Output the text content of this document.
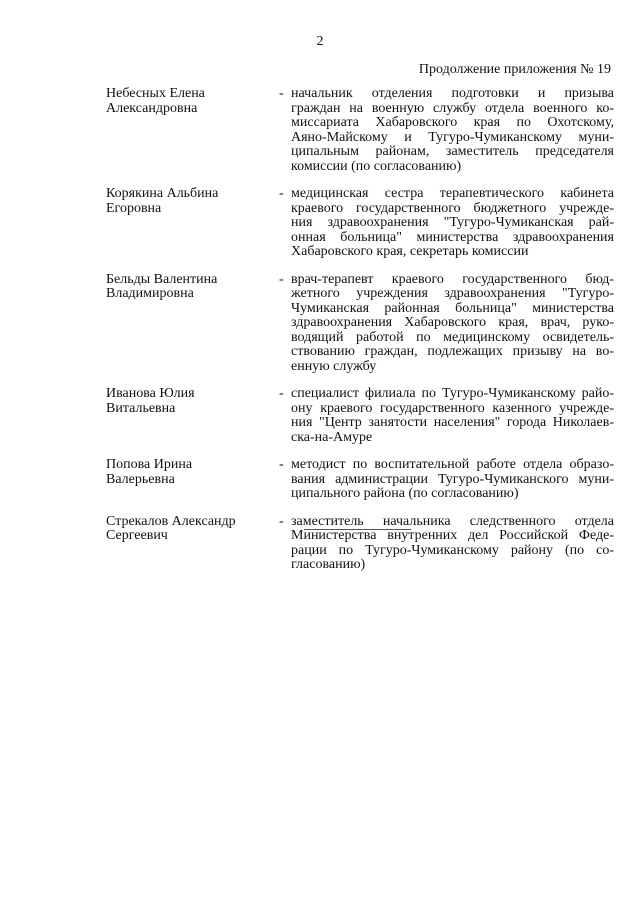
2
Продолжение приложения № 19
Небесных Елена
Александровна
- начальник отделения подготовки и призыва
граждан на военную службу отдела военного ко-
миссариата Хабаровского края по Охотскому,
Аяно-Майскому и Тугуро-Чумиканскому муни-
ципальным районам, заместитель председателя
комиссии (по согласованию)
Корякина Альбина
Егоровна
- медицинская сестра терапевтического кабинета
краевого государственного бюджетного учрежде-
ния здравоохранения "Тугуро-Чумиканская рай-
онная больница" министерства здравоохранения
Хабаровского края, секретарь комиссии
Бельды Валентина
Владимировна
- врач-терапевт краевого государственного бюд-
жетного учреждения здравоохранения "Тугуро-
Чумиканская районная больница" министерства
здравоохранения Хабаровского края, врач, руко-
водящий работой по медицинскому освидетель-
ствованию граждан, подлежащих призыву на во-
енную службу
Иванова Юлия
Витальевна
- специалист филиала по Тугуро-Чумиканскому райо-
ону краевого государственного казенного учрежде-
ния "Центр занятости населения" города Николаев-
ска-на-Амуре
Попова Ирина
Валерьевна
- методист по воспитательной работе отдела образо-
вания администрации Тугуро-Чумиканского муни-
ципального района (по согласованию)
Стрекалов Александр
Сергеевич
- заместитель начальника следственного отдела
Министерства внутренних дел Российской Феде-
рации по Тугуро-Чумиканскому району (по со-
гласованию)
